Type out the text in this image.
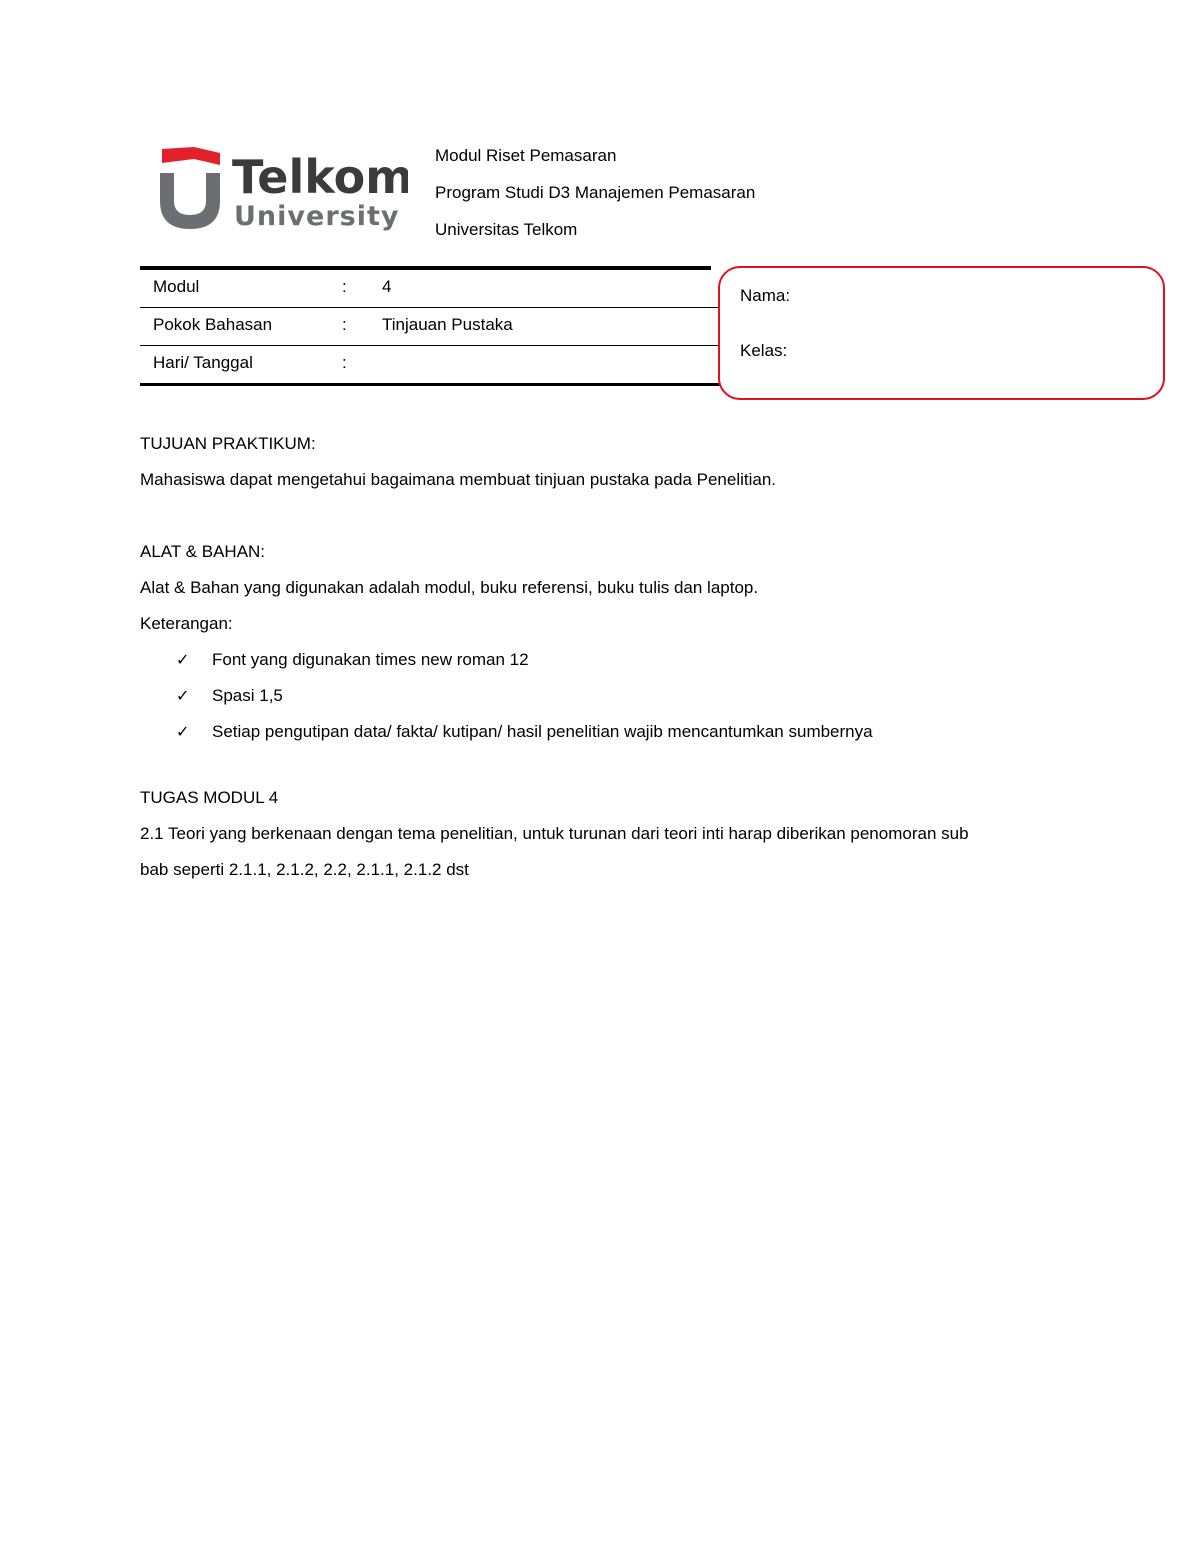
Telkom
University
Modul Riset Pemasaran
Program Studi D3 Manajemen Pemasaran
Universitas Telkom
Modul	: 4
Pokok Bahasan	: Tinjauan Pustaka
Hari/ Tanggal	:
Nama:
Kelas:

TUJUAN PRAKTIKUM:

Mahasiswa dapat mengetahui bagaimana membuat tinjuan pustaka pada Penelitian.

ALAT & BAHAN:

Alat & Bahan yang digunakan adalah modul, buku referensi, buku tulis dan laptop.

Keterangan:

✓ Font yang digunakan times new roman 12
✓ Spasi 1,5
✓ Setiap pengutipan data/ fakta/ kutipan/ hasil penelitian wajib mencantumkan sumbernya

TUGAS MODUL 4

2.1 Teori yang berkenaan dengan tema penelitian, untuk turunan dari teori inti harap diberikan penomoran sub

bab seperti 2.1.1, 2.1.2, 2.2, 2.1.1, 2.1.2 dst
